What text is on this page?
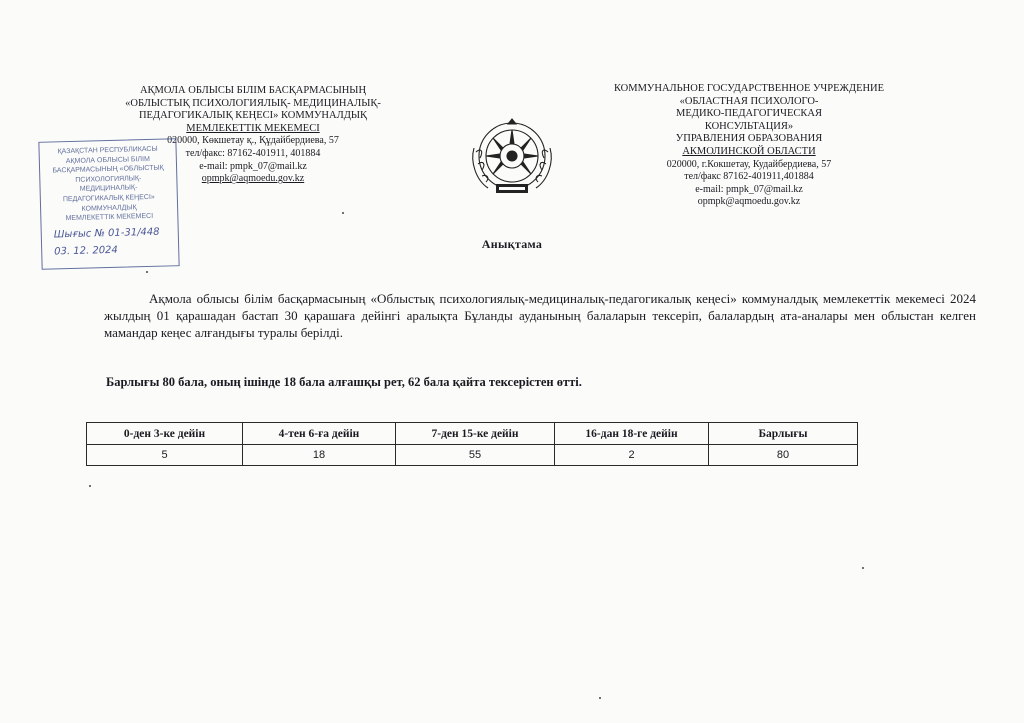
АҚМОЛА ОБЛЫСЫ БІЛІМ БАСҚАРМАСЫНЫҢ
«ОБЛЫСТЫҚ ПСИХОЛОГИЯЛЫҚ- МЕДИЦИНАЛЫҚ-
ПЕДАГОГИКАЛЫҚ КЕҢЕСІ» КОММУНАЛДЫҚ
МЕМЛЕКЕТТІК МЕКЕМЕСІ
020000, Көкшетау қ., Құдайбердиева, 57
тел/факс: 87162-401911, 401884
e-mail: pmpk_07@mail.kz
opmpk@aqmoedu.gov.kz
КОММУНАЛЬНОЕ ГОСУДАРСТВЕННОЕ УЧРЕЖДЕНИЕ
«ОБЛАСТНАЯ ПСИХОЛОГО-
МЕДИКО-ПЕДАГОГИЧЕСКАЯ
КОНСУЛЬТАЦИЯ»
УПРАВЛЕНИЯ ОБРАЗОВАНИЯ
АКМОЛИНСКОЙ ОБЛАСТИ
020000, г.Кокшетау, Кудайбердиева, 57
тел/факс 87162-401911,401884
e-mail: pmpk_07@mail.kz
opmpk@aqmoedu.gov.kz
ҚАЗАҚСТАН РЕСПУБЛИКАСЫ
АҚМОЛА ОБЛЫСЫ БІЛІМ
БАСҚАРМАСЫНЫҢ «ОБЛЫСТЫҚ
ПСИХОЛОГИЯЛЫҚ-
МЕДИЦИНАЛЫҚ-
ПЕДАГОГИКАЛЫҚ КЕҢЕСІ»
КОММУНАЛДЫҚ
МЕМЛЕКЕТТІК МЕКЕМЕСІ
Шығыс № 01-31/448
03. 12. 2024	Анықтама
Ақмола облысы білім басқармасының «Облыстық психологиялық-медициналық-педагогикалық кеңесі» коммуналдық мемлекеттік мекемесі 2024 жылдың 01 қарашадан бастап 30 қарашаға дейінгі аралықта Бұланды ауданының балаларын тексеріп, балалардың ата-аналары мен облыстан келген мамандар кеңес алғандығы туралы берілді.
Барлығы 80 бала, оның ішінде 18 бала алғашқы рет, 62 бала қайта тексерістен өтті.
0-ден 3-ке дейін	4-тен 6-ға дейін	7-ден 15-ке дейін	16-дан 18-ге дейін	Барлығы
5	18	55	2	80
